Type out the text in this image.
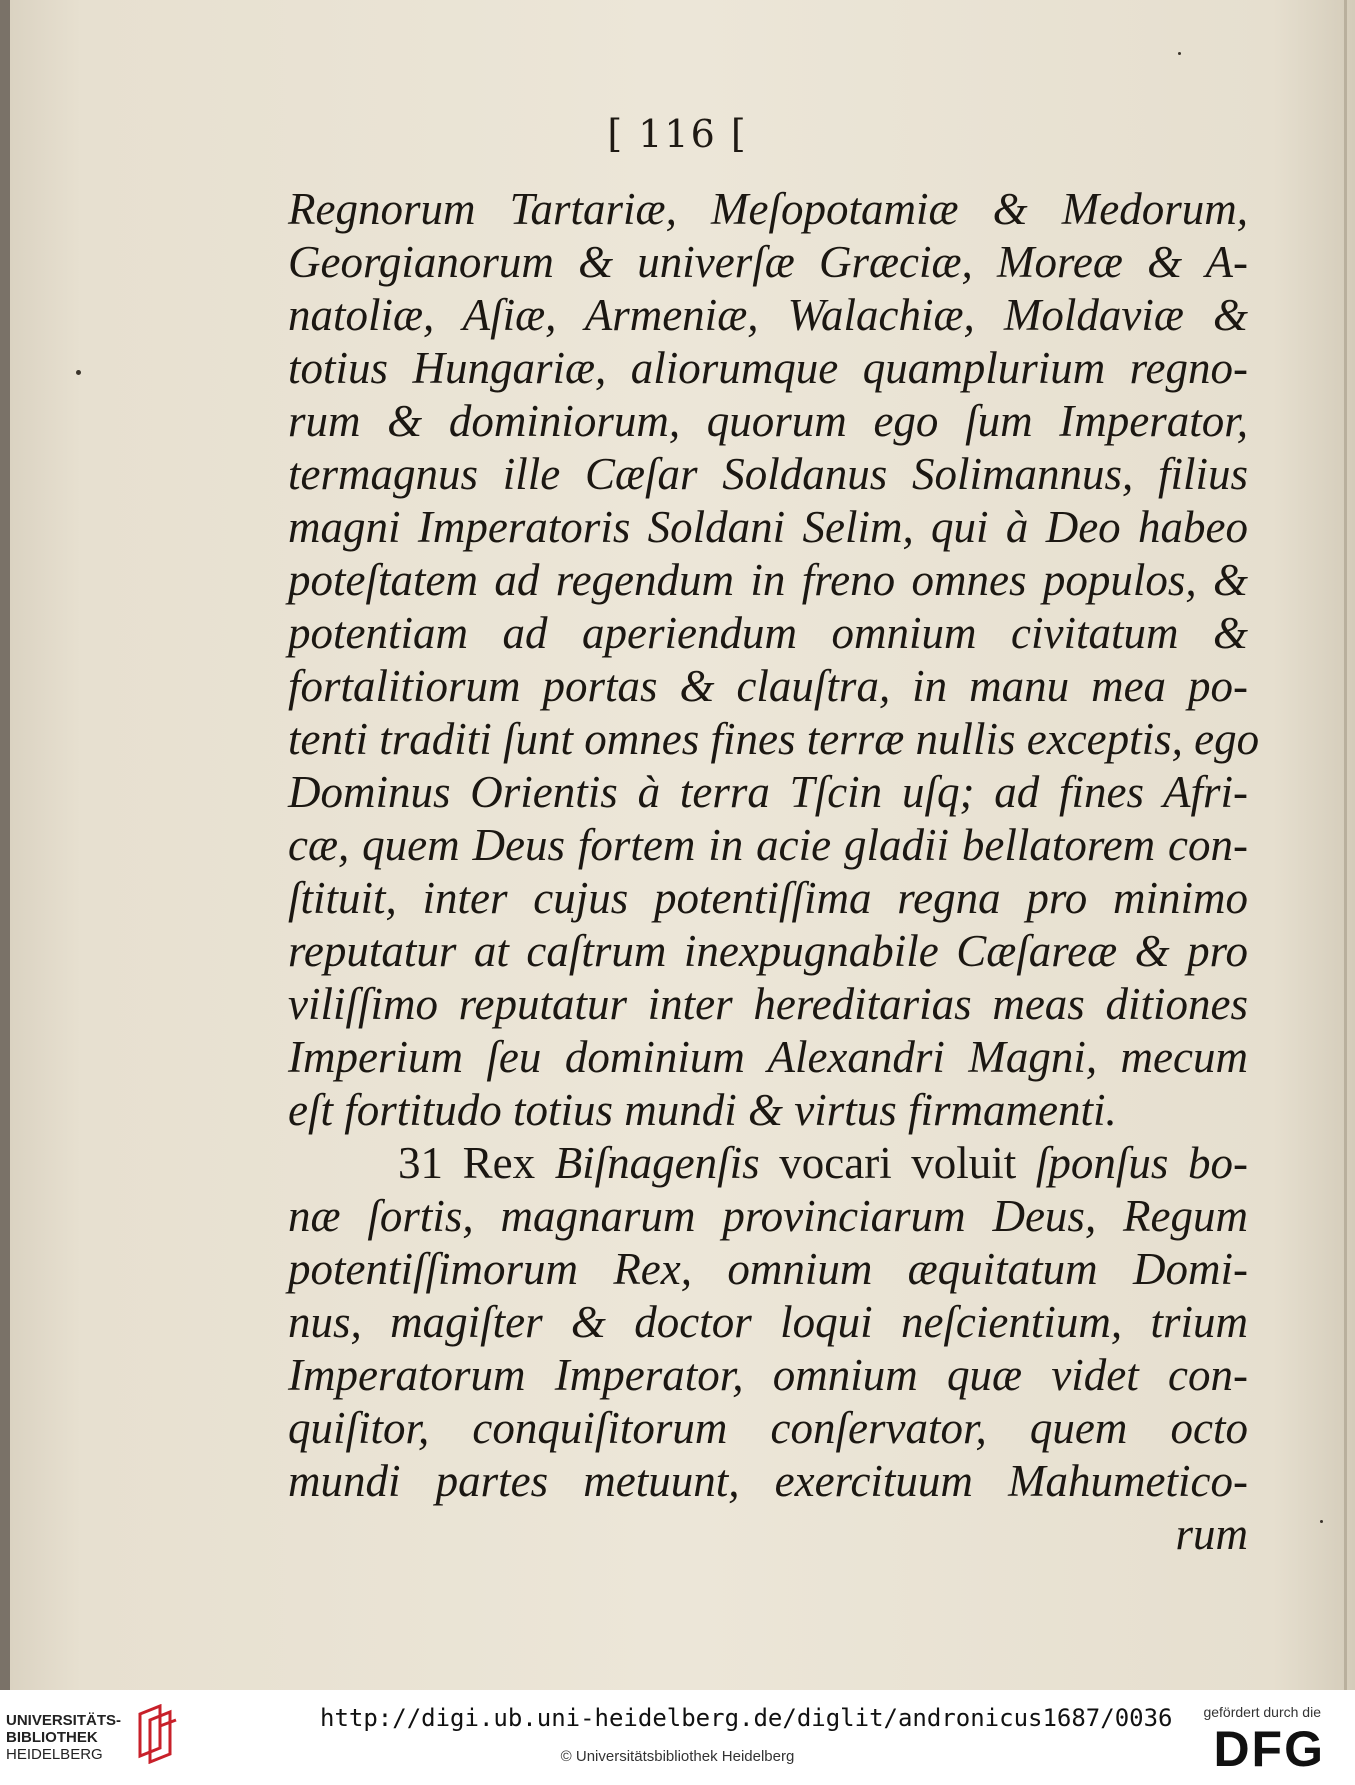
[ 116 [
Regnorum Tartariæ, Meſopotamiæ & Medorum,
Georgianorum & univerſæ Græciæ, Moreæ & A-
natoliæ, Aſiæ, Armeniæ, Walachiæ, Moldaviæ &
totius Hungariæ, aliorumque quamplurium regno-
rum & dominiorum, quorum ego ſum Imperator,
termagnus ille Cæſar Soldanus Solimannus, filius
magni Imperatoris Soldani Selim, qui à Deo habeo
poteſtatem ad regendum in freno omnes populos, &
potentiam ad aperiendum omnium civitatum &
fortalitiorum portas & clauſtra, in manu mea po-
tenti traditi ſunt omnes fines terræ nullis exceptis, ego
Dominus Orientis à terra Tſcin uſq; ad fines Afri-
cæ, quem Deus fortem in acie gladii bellatorem con-
ſtituit, inter cujus potentiſſima regna pro minimo
reputatur at caſtrum inexpugnabile Cæſareæ & pro
viliſſimo reputatur inter hereditarias meas ditiones
Imperium ſeu dominium Alexandri Magni, mecum
eſt fortitudo totius mundi & virtus firmamenti.
31 Rex Biſnagenſis vocari voluit ſponſus bo-
næ ſortis, magnarum provinciarum Deus, Regum
potentiſſimorum Rex, omnium æquitatum Domi-
nus, magiſter & doctor loqui neſcientium, trium
Imperatorum Imperator, omnium quæ videt con-
quiſitor, conquiſitorum conſervator, quem octo
mundi partes metuunt, exercituum Mahumetico-
rum
UNIVERSITÄTS-
BIBLIOTHEK
HEIDELBERG
http://digi.ub.uni-heidelberg.de/diglit/andronicus1687/0036
© Universitätsbibliothek Heidelberg
gefördert durch die
DFG
